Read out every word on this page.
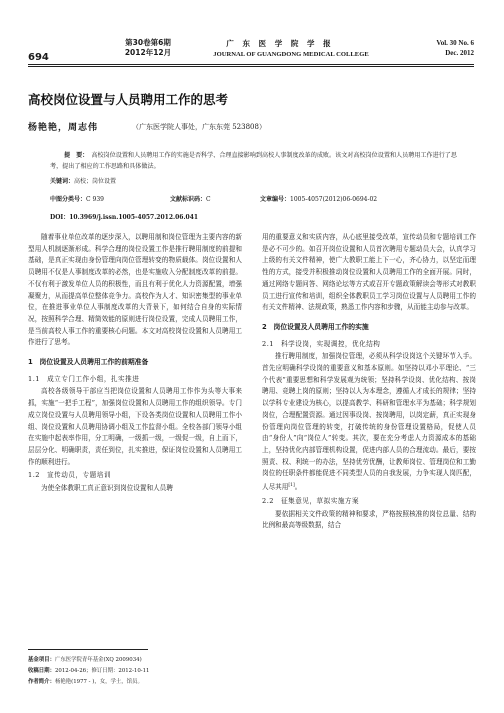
694
第30卷第6期
2012年12月
广 东 医 学 院 学 报
JOURNAL OF GUANGDONG MEDICAL COLLEGE
Vol. 30 No. 6
Dec. 2012
高校岗位设置与人员聘用工作的思考
杨艳艳，周志伟	（广东医学院人事处，广东东莞 523808）

提　要： 高校岗位设置和人员聘用工作的实施是否科学、合理直接影响到高校人事制度改革的成败。该文对高校岗位设置和人员聘用工作进行了思考，提出了相应的工作思路和具体做法。

关键词：高校；岗位设置
中图分类号：C 939	文献标识码：C	文章编号：1005-4057(2012)06-0694-02
DOI：10.3969/j.issn.1005-4057.2012.06.041

随着事业单位改革的逐步深入，以聘用制和岗位管理为主要内容的新型用人机制逐渐形成。科学合理的岗位设置工作是推行聘用制度的前提和基础，是真正实现由身份管理向岗位管理转变的物质载体。岗位设置和人员聘用不仅是人事制度改革的必然，也是实施收入分配制度改革的前提。不仅有利于激发单位人员的积极性，而且有利于优化人力资源配置，增强凝聚力，从而提高单位整体竞争力。高校作为人才、知识密集型的事业单位，在推进事业单位人事制度改革的大背景下，如何结合自身的实际情况，按照科学合理、精简效能的原则进行岗位设置，完成人员聘用工作，是当前高校人事工作的重要核心问题。本文对高校岗位设置和人员聘用工作进行了思考。

1　岗位设置及人员聘用工作的前期准备
1.1　成立专门工作小组，扎实推进

高校各级领导干部应当把岗位设置和人员聘用工作作为头等大事来抓，实施“一把手工程”，加强岗位设置和人员聘用工作的组织领导。专门成立岗位设置与人员聘用领导小组，下设各类岗位设置和人员聘用工作小组、岗位设置和人员聘用协调小组及工作监督小组。全校各部门领导小组在实施中起表率作用，分工明确，一级抓一级，一级促一级，自上而下，层层分化、明确职责，责任到位，扎实推进，保证岗位设置和人员聘用工作的顺利进行。

1.2　宣传动员，专题培训

为使全体教职工真正意识到岗位设置和人员聘

基金项目：广东医学院青年基金(XQ 2009034)
收稿日期：2012-04-26；修订日期：2012-10-11
作者简介：杨艳艳(1977 - )，女，学士，馆员。

用的重要意义和实质内容，从心底里接受改革，宣传动员和专题培训工作是必不可少的。如召开岗位设置和人员首次聘用专题动员大会，认真学习上级的有关文件精神，使广大教职工能上下一心，齐心协力，以坚定而理性的方式，接受并积极推动岗位设置和人员聘用工作的全面开展。同时，通过网络专题问答、网络论坛等方式或召开专题政策解读会等形式对教职员工进行宣传和培训，组织全体教职员工学习岗位设置与人员聘用工作的有关文件精神、法规政策，熟悉工作内容和步骤，从而能主动参与改革。

2　岗位设置及人员聘用工作的实施
2.1　科学设岗，实现调控，优化结构

推行聘用制度，加强岗位管理，必须从科学设岗这个关键环节入手。首先应明确科学设岗的重要意义和基本原则。如坚持以邓小平理论、“三个代表”重要思想和科学发展观为统领；坚持科学设岗、优化结构、按岗聘用、竞聘上岗的原则；坚持以人为本理念，遵循人才成长的规律；坚持以学科专业建设为核心，以提高教学、科研和管理水平为基础；科学规划岗位，合理配置资源。通过因事设岗、按岗聘用，以岗定薪，真正实现身份管理向岗位管理的转变，打破传统的身份管理设置格局，促使人员由“身份人”向“岗位人”转变。其次，要在充分考虑人力资源成本的基础上，坚持优化内部管理机构设置，促进内部人员的合理流动。最后，要按照责、权、利统一的办法，坚持优劳优酬，让教师岗位、管理岗位和工勤岗位的任职条件都能促进不同类型人员的自我发展，力争实现人岗匹配，人尽其用[1]。

2.2　征集意见，草拟实施方案

要依据相关文件政策的精神和要求，严格按照核准的岗位总量、结构比例和最高等级数据，结合
